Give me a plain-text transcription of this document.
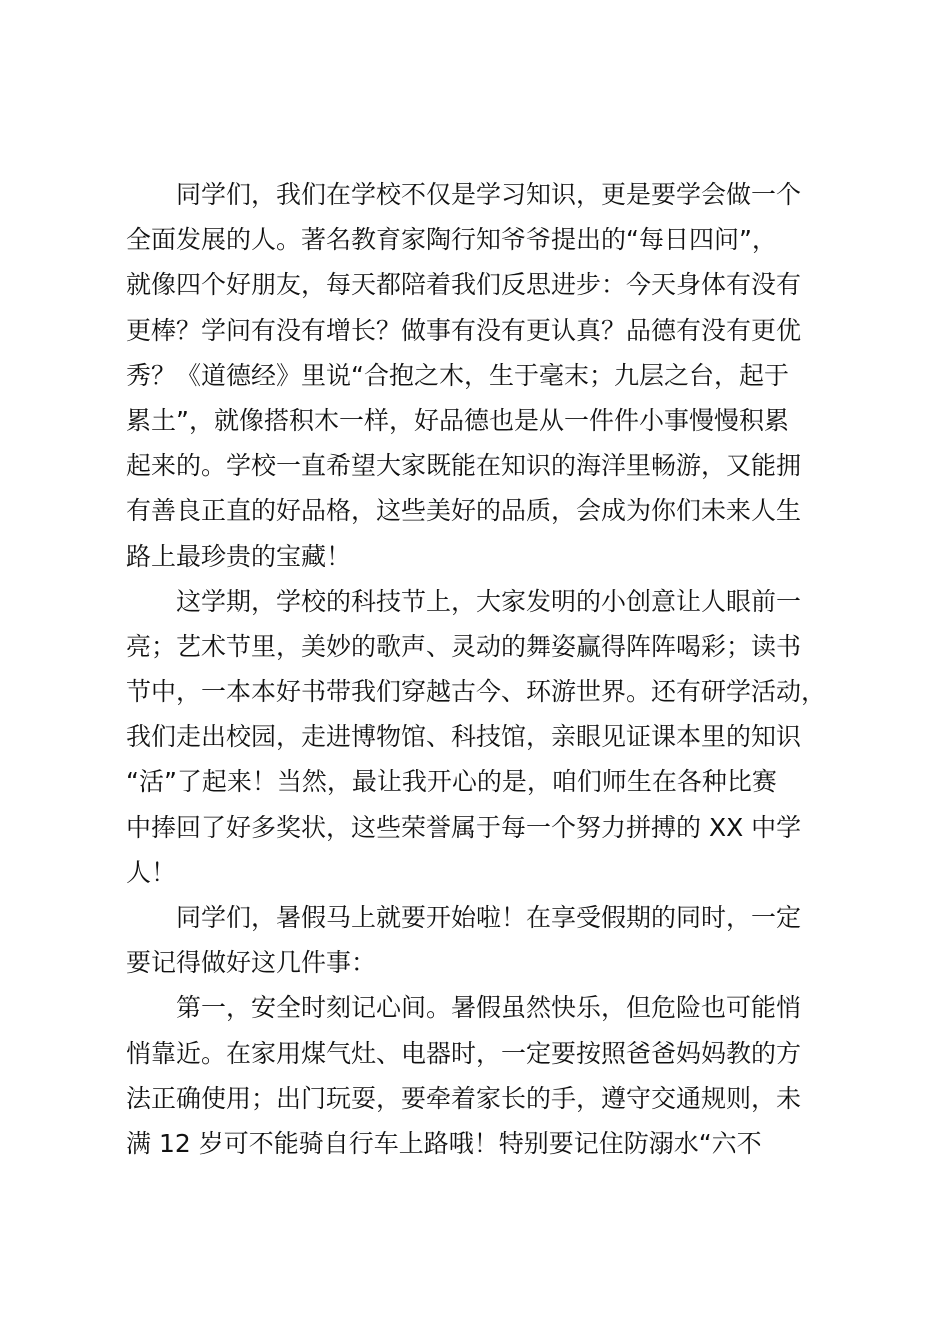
同学们，我们在学校不仅是学习知识，更是要学会做一个
全面发展的人。著名教育家陶行知爷爷提出的“每日四问”，
就像四个好朋友，每天都陪着我们反思进步：今天身体有没有
更棒？学问有没有增长？做事有没有更认真？品德有没有更优
秀？《道德经》里说“合抱之木，生于毫末；九层之台，起于
累土”，就像搭积木一样，好品德也是从一件件小事慢慢积累
起来的。学校一直希望大家既能在知识的海洋里畅游，又能拥
有善良正直的好品格，这些美好的品质，会成为你们未来人生
路上最珍贵的宝藏！
这学期，学校的科技节上，大家发明的小创意让人眼前一
亮；艺术节里，美妙的歌声、灵动的舞姿赢得阵阵喝彩；读书
节中，一本本好书带我们穿越古今、环游世界。还有研学活动，
我们走出校园，走进博物馆、科技馆，亲眼见证课本里的知识
“活”了起来！当然，最让我开心的是，咱们师生在各种比赛
中捧回了好多奖状，这些荣誉属于每一个努力拼搏的 XX 中学
人！
同学们，暑假马上就要开始啦！在享受假期的同时，一定
要记得做好这几件事：
第一，安全时刻记心间。暑假虽然快乐，但危险也可能悄
悄靠近。在家用煤气灶、电器时，一定要按照爸爸妈妈教的方
法正确使用；出门玩耍，要牵着家长的手，遵守交通规则，未
满 12 岁可不能骑自行车上路哦！特别要记住防溺水“六不
